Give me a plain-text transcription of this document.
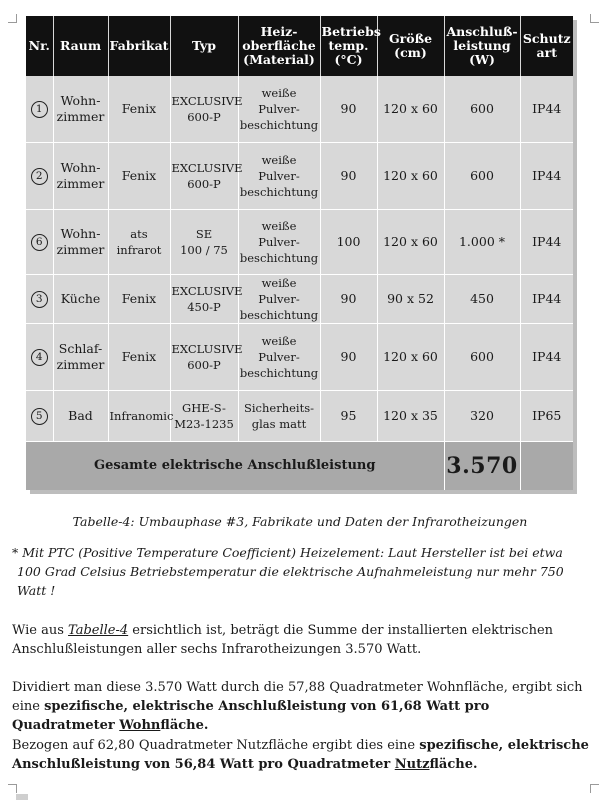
Nr.	Raum	Fabrikat	Typ	Heiz-
oberfläche
(Material)	Betriebs
temp.
(°C)	Größe
(cm)	Anschluß-
leistung
(W)	Schutz
art
1	Wohn-
zimmer	Fenix	EXCLUSIVE
600-P	weiße Pulver-
beschichtung	90	120 x 60	600	IP44
2	Wohn-
zimmer	Fenix	EXCLUSIVE
600-P	weiße Pulver-
beschichtung	90	120 x 60	600	IP44
6	Wohn-
zimmer	ats
infrarot	SE
100 / 75	weiße Pulver-
beschichtung	100	120 x 60	1.000 *	IP44
3	Küche	Fenix	EXCLUSIVE
450-P	weiße Pulver-
beschichtung	90	90 x 52	450	IP44
4	Schlaf-
zimmer	Fenix	EXCLUSIVE
600-P	weiße Pulver-
beschichtung	90	120 x 60	600	IP44
5	Bad	Infranomic	GHE-S-
M23-1235	Sicherheits-
glas matt	95	120 x 35	320	IP65
Gesamte elektrische Anschlußleistung							3.570	
Tabelle-4: Umbauphase #3, Fabrikate und Daten der Infrarotheizungen
* Mit PTC (Positive Temperature Coefficient) Heizelement: Laut Hersteller ist bei etwa

100 Grad Celsius Betriebstemperatur die elektrische Aufnahmeleistung nur mehr 750 Watt !

Wie aus Tabelle-4 ersichtlich ist, beträgt die Summe der installierten elektrischen Anschlußleistungen aller sechs Infrarotheizungen 3.570 Watt.

Dividiert man diese 3.570 Watt durch die 57,88 Quadratmeter Wohnfläche, ergibt sich eine spezifische, elektrische Anschlußleistung von 61,68 Watt pro Quadratmeter Wohnfläche.

Bezogen auf 62,80 Quadratmeter Nutzfläche ergibt dies eine spezifische, elektrische Anschlußleistung von 56,84 Watt pro Quadratmeter Nutzfläche.
